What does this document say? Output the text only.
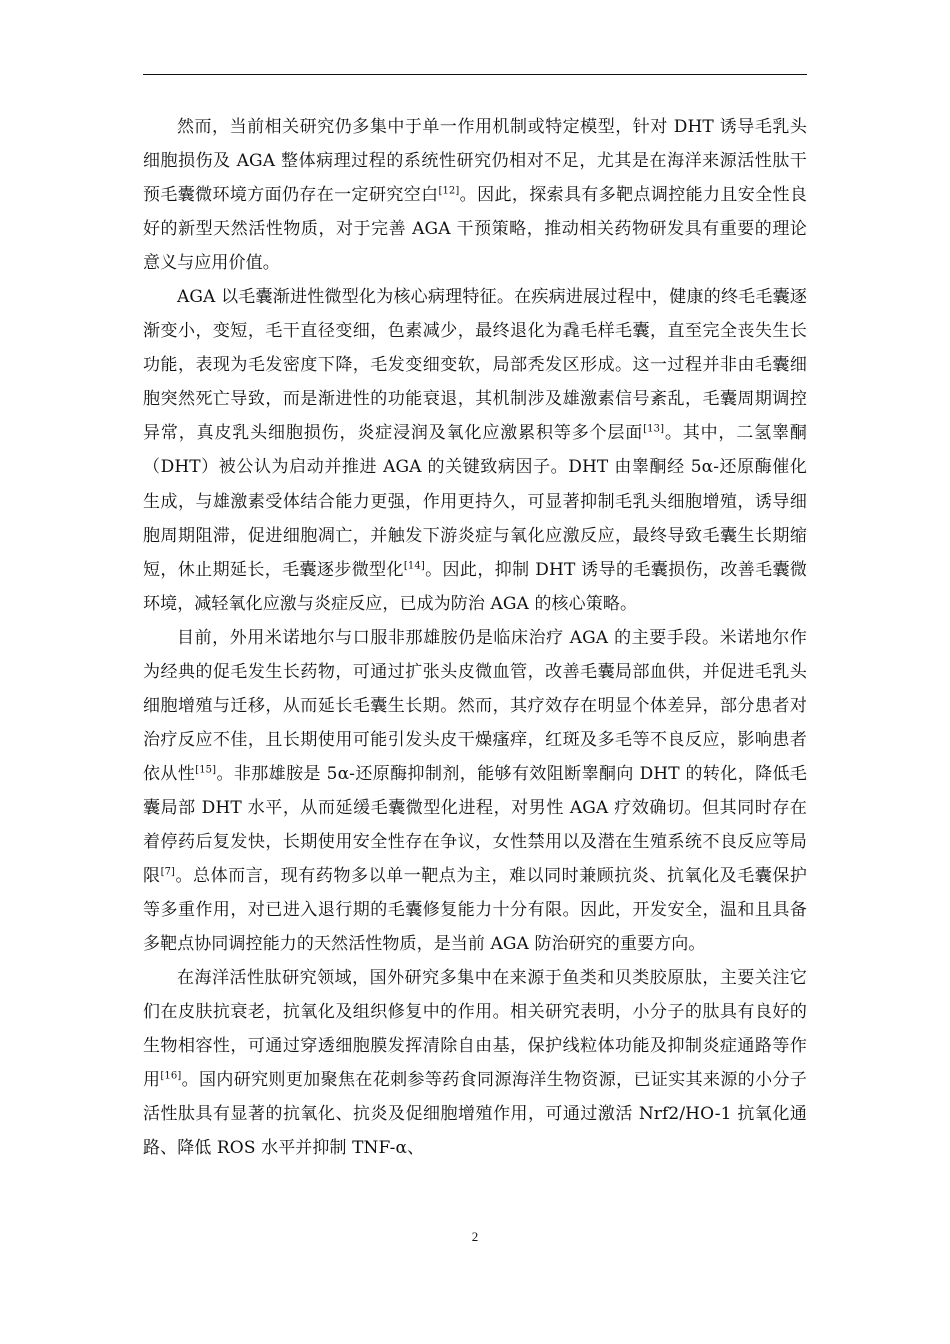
然而，当前相关研究仍多集中于单一作用机制或特定模型，针对 DHT 诱导毛乳头细胞损伤及 AGA 整体病理过程的系统性研究仍相对不足，尤其是在海洋来源活性肽干预毛囊微环境方面仍存在一定研究空白[12]。因此，探索具有多靶点调控能力且安全性良好的新型天然活性物质，对于完善 AGA 干预策略，推动相关药物研发具有重要的理论意义与应用价值。

AGA 以毛囊渐进性微型化为核心病理特征。在疾病进展过程中，健康的终毛毛囊逐渐变小，变短，毛干直径变细，色素减少，最终退化为毳毛样毛囊，直至完全丧失生长功能，表现为毛发密度下降，毛发变细变软，局部秃发区形成。这一过程并非由毛囊细胞突然死亡导致，而是渐进性的功能衰退，其机制涉及雄激素信号紊乱，毛囊周期调控异常，真皮乳头细胞损伤，炎症浸润及氧化应激累积等多个层面[13]。其中，二氢睾酮（DHT）被公认为启动并推进 AGA 的关键致病因子。DHT 由睾酮经 5α-还原酶催化生成，与雄激素受体结合能力更强，作用更持久，可显著抑制毛乳头细胞增殖，诱导细胞周期阻滞，促进细胞凋亡，并触发下游炎症与氧化应激反应，最终导致毛囊生长期缩短，休止期延长，毛囊逐步微型化[14]。因此，抑制 DHT 诱导的毛囊损伤，改善毛囊微环境，减轻氧化应激与炎症反应，已成为防治 AGA 的核心策略。

目前，外用米诺地尔与口服非那雄胺仍是临床治疗 AGA 的主要手段。米诺地尔作为经典的促毛发生长药物，可通过扩张头皮微血管，改善毛囊局部血供，并促进毛乳头细胞增殖与迁移，从而延长毛囊生长期。然而，其疗效存在明显个体差异，部分患者对治疗反应不佳，且长期使用可能引发头皮干燥瘙痒，红斑及多毛等不良反应，影响患者依从性[15]。非那雄胺是 5α-还原酶抑制剂，能够有效阻断睾酮向 DHT 的转化，降低毛囊局部 DHT 水平，从而延缓毛囊微型化进程，对男性 AGA 疗效确切。但其同时存在着停药后复发快，长期使用安全性存在争议，女性禁用以及潜在生殖系统不良反应等局限[7]。总体而言，现有药物多以单一靶点为主，难以同时兼顾抗炎、抗氧化及毛囊保护等多重作用，对已进入退行期的毛囊修复能力十分有限。因此，开发安全，温和且具备多靶点协同调控能力的天然活性物质，是当前 AGA 防治研究的重要方向。

在海洋活性肽研究领域，国外研究多集中在来源于鱼类和贝类胶原肽，主要关注它们在皮肤抗衰老，抗氧化及组织修复中的作用。相关研究表明，小分子的肽具有良好的生物相容性，可通过穿透细胞膜发挥清除自由基，保护线粒体功能及抑制炎症通路等作用[16]。国内研究则更加聚焦在花刺参等药食同源海洋生物资源，已证实其来源的小分子活性肽具有显著的抗氧化、抗炎及促细胞增殖作用，可通过激活 Nrf2/HO-1 抗氧化通路、降低 ROS 水平并抑制 TNF-α、

2
